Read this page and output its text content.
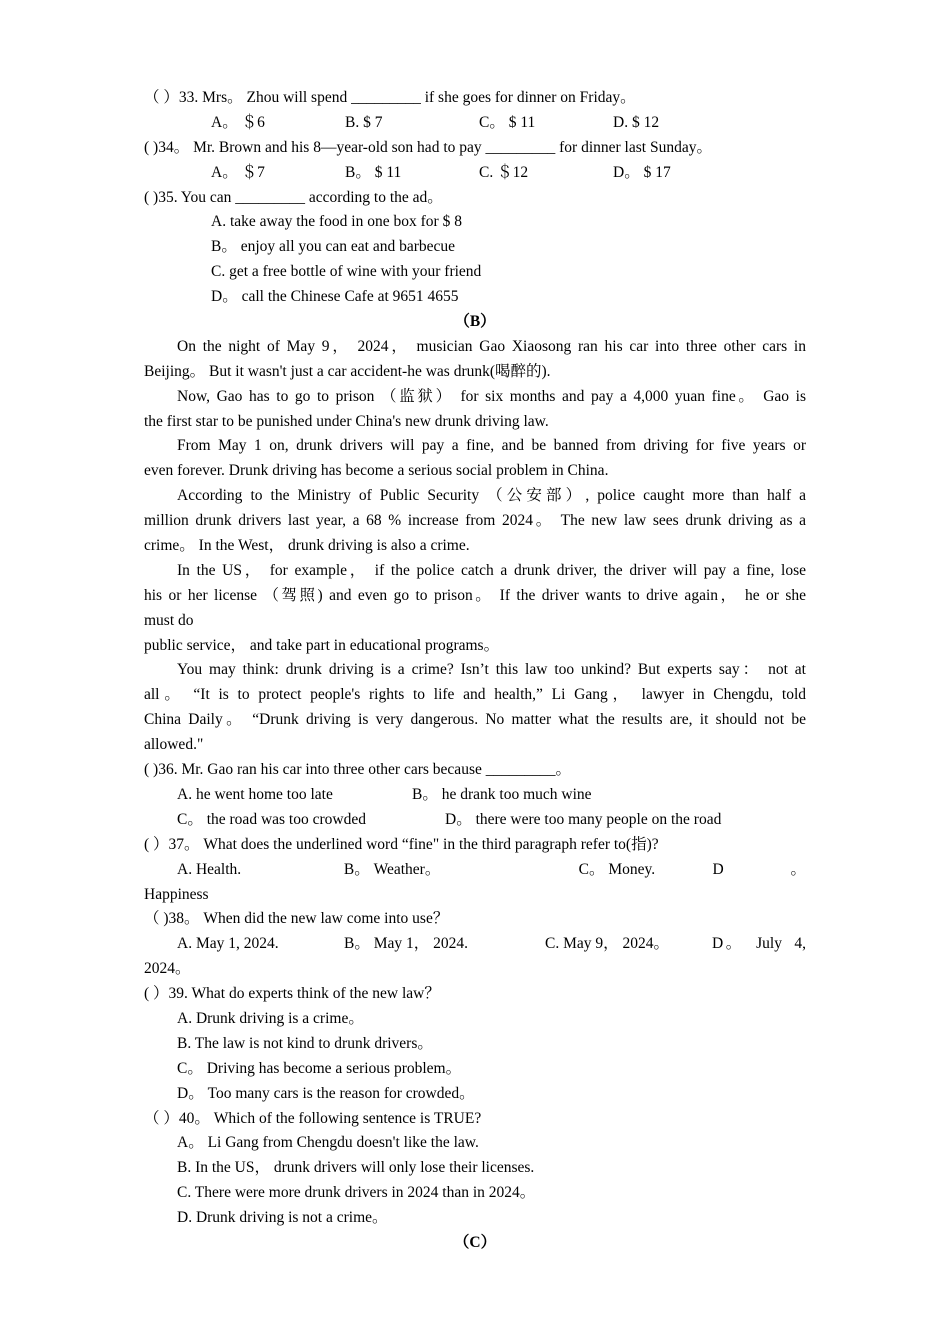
（ ）33. Mrs。 Zhou will spend _________ if she goes for dinner on Friday。
A。 ＄6	B. $ 7	C。 $ 11	D. $ 12
( )34。 Mr. Brown and his 8—year-old son had to pay _________ for dinner last Sunday。
A。 ＄7	B。 $ 11	C. ＄12	D。 $ 17
( )35. You can _________ according to the ad。
A. take away the food in one box for $ 8
B。 enjoy all you can eat and barbecue
C. get a free bottle of wine with your friend
D。 call the Chinese Cafe at 9651 4655
（B）
On the night of May 9， 2024， musician Gao Xiaosong ran his car into three other cars in
Beijing。 But it wasn't just a car accident-he was drunk(喝醉的).
Now, Gao has to go to prison （监狱） for six months and pay a 4,000 yuan fine。 Gao is
the first star to be punished under China's new drunk driving law.
From May 1 on, drunk drivers will pay a fine, and be banned from driving for five years or
even forever. Drunk driving has become a serious social problem in China.
According to the Ministry of Public Security （公安部）, police caught more than half a
million drunk drivers last year, a 68 % increase from 2024。 The new law sees drunk driving as a
crime。 In the West， drunk driving is also a crime.
In the US， for example， if the police catch a drunk driver, the driver will pay a fine, lose
his or her license （驾照) and even go to prison。 If the driver wants to drive again， he or she
must do
public service， and take part in educational programs。
You may think: drunk driving is a crime? Isn’t this law too unkind? But experts say： not at
all。 “It is to protect people's rights to life and health,” Li Gang， lawyer in Chengdu, told
China Daily。 “Drunk driving is very dangerous. No matter what the results are, it should not be
allowed."
( )36. Mr. Gao ran his car into three other cars because _________。
A. he went home too late	B。 he drank too much wine
C。 the road was too crowded	D。 there were too many people on the road
( ）37。 What does the underlined word “fine" in the third paragraph refer to(指)?
A. Health.	B。 Weather。	C。 Money.	D	。
Happiness
（ )38。 When did the new law come into use？
A. May 1, 2024.	B。 May 1， 2024.	C. May 9， 2024。	D。 July 4,
2024。
( ）39. What do experts think of the new law？
A. Drunk driving is a crime。
B. The law is not kind to drunk drivers。
C。 Driving has become a serious problem。
D。 Too many cars is the reason for crowded。
（ ）40。 Which of the following sentence is TRUE?
A。 Li Gang from Chengdu doesn't like the law.
B. In the US， drunk drivers will only lose their licenses.
C. There were more drunk drivers in 2024 than in 2024。
D. Drunk driving is not a crime。
（C）
